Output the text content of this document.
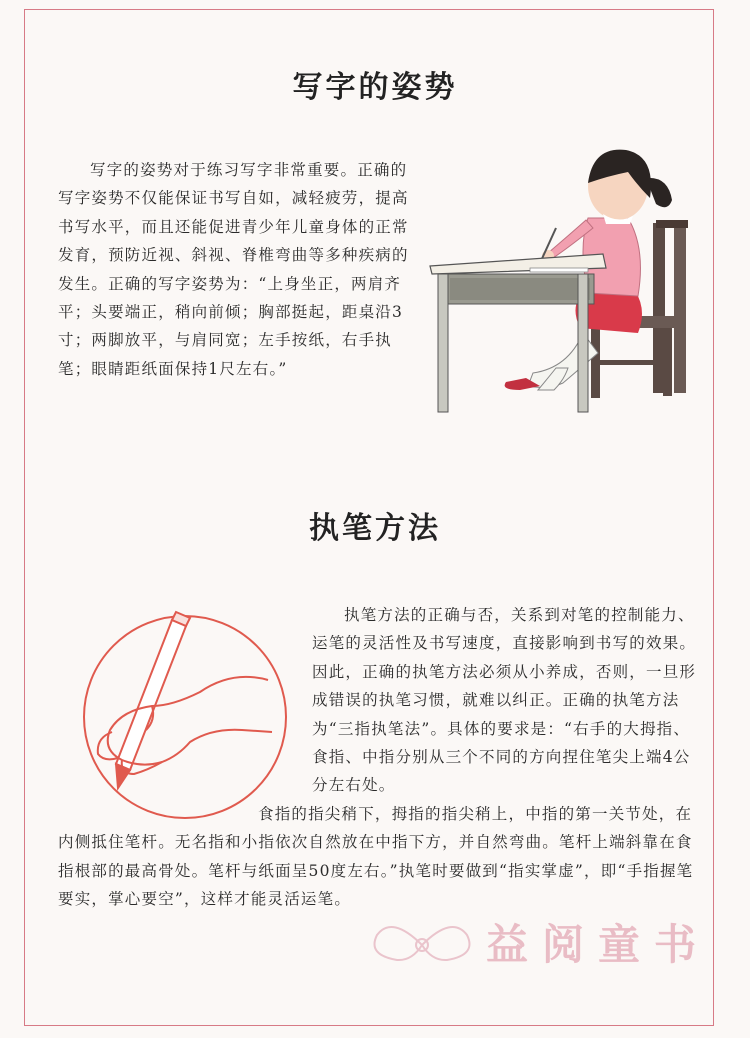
写字的姿势

写字的姿势对于练习写字非常重要。正确的写字姿势不仅能保证书写自如，减轻疲劳，提高书写水平，而且还能促进青少年儿童身体的正常发育，预防近视、斜视、脊椎弯曲等多种疾病的发生。正确的写字姿势为：“上身坐正，两肩齐平；头要端正，稍向前倾；胸部挺起，距桌沿3寸；两脚放平，与肩同宽；左手按纸，右手执笔；眼睛距纸面保持1尺左右。”

执笔方法

执笔方法的正确与否，关系到对笔的控制能力、运笔的灵活性及书写速度，直接影响到书写的效果。因此，正确的执笔方法必须从小养成，否则，一旦形成错误的执笔习惯，就难以纠正。正确的执笔方法为“三指执笔法”。具体的要求是：“右手的大拇指、食指、中指分别从三个不同的方向捏住笔尖上端4公分左右处。

食指的指尖稍下，拇指的指尖稍上，中指的第一关节处，在内侧抵住笔杆。无名指和小指依次自然放在中指下方，并自然弯曲。笔杆上端斜靠在食指根部的最高骨处。笔杆与纸面呈50度左右。”执笔时要做到“指实掌虚”，即“手指握笔要实，掌心要空”，这样才能灵活运笔。

益阅童书
